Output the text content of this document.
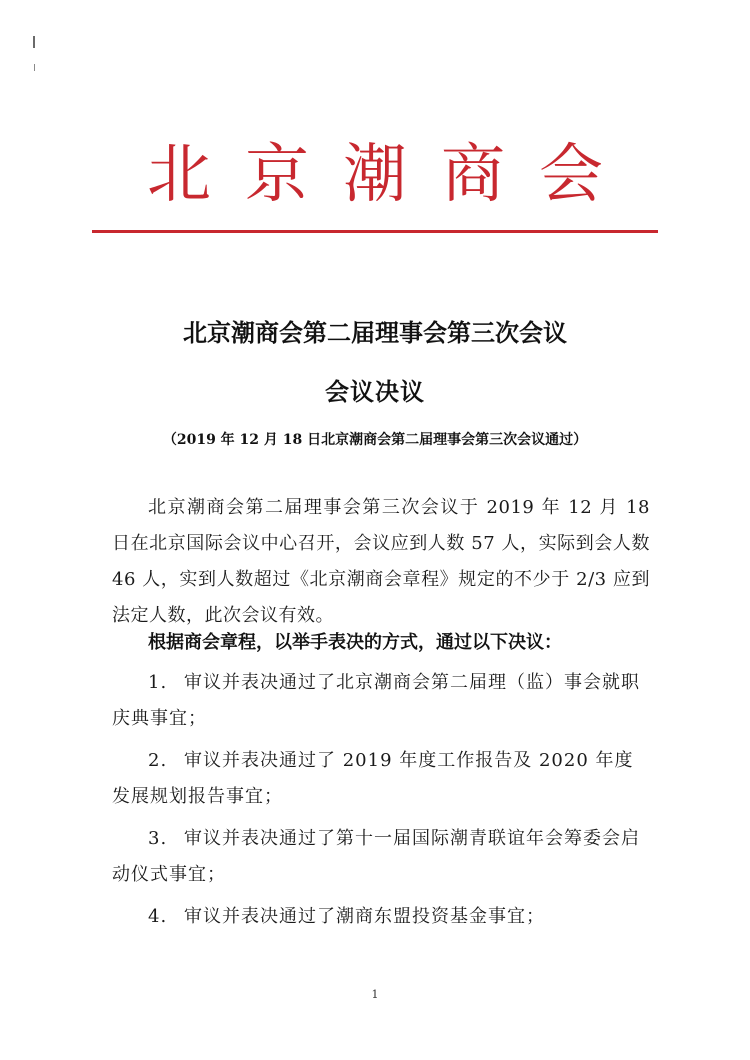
北京潮商会
北京潮商会第二届理事会第三次会议
会议决议
（2019 年 12 月 18 日北京潮商会第二届理事会第三次会议通过）
北京潮商会第二届理事会第三次会议于 2019 年 12 月 18 日在北京国际会议中心召开，会议应到人数 57 人，实际到会人数 46 人，实到人数超过《北京潮商会章程》规定的不少于 2/3 应到法定人数，此次会议有效。
根据商会章程，以举手表决的方式，通过以下决议：
1. 审议并表决通过了北京潮商会第二届理（监）事会就职庆典事宜；
2. 审议并表决通过了 2019 年度工作报告及 2020 年度发展规划报告事宜；
3. 审议并表决通过了第十一届国际潮青联谊年会筹委会启动仪式事宜；
4. 审议并表决通过了潮商东盟投资基金事宜；
1
